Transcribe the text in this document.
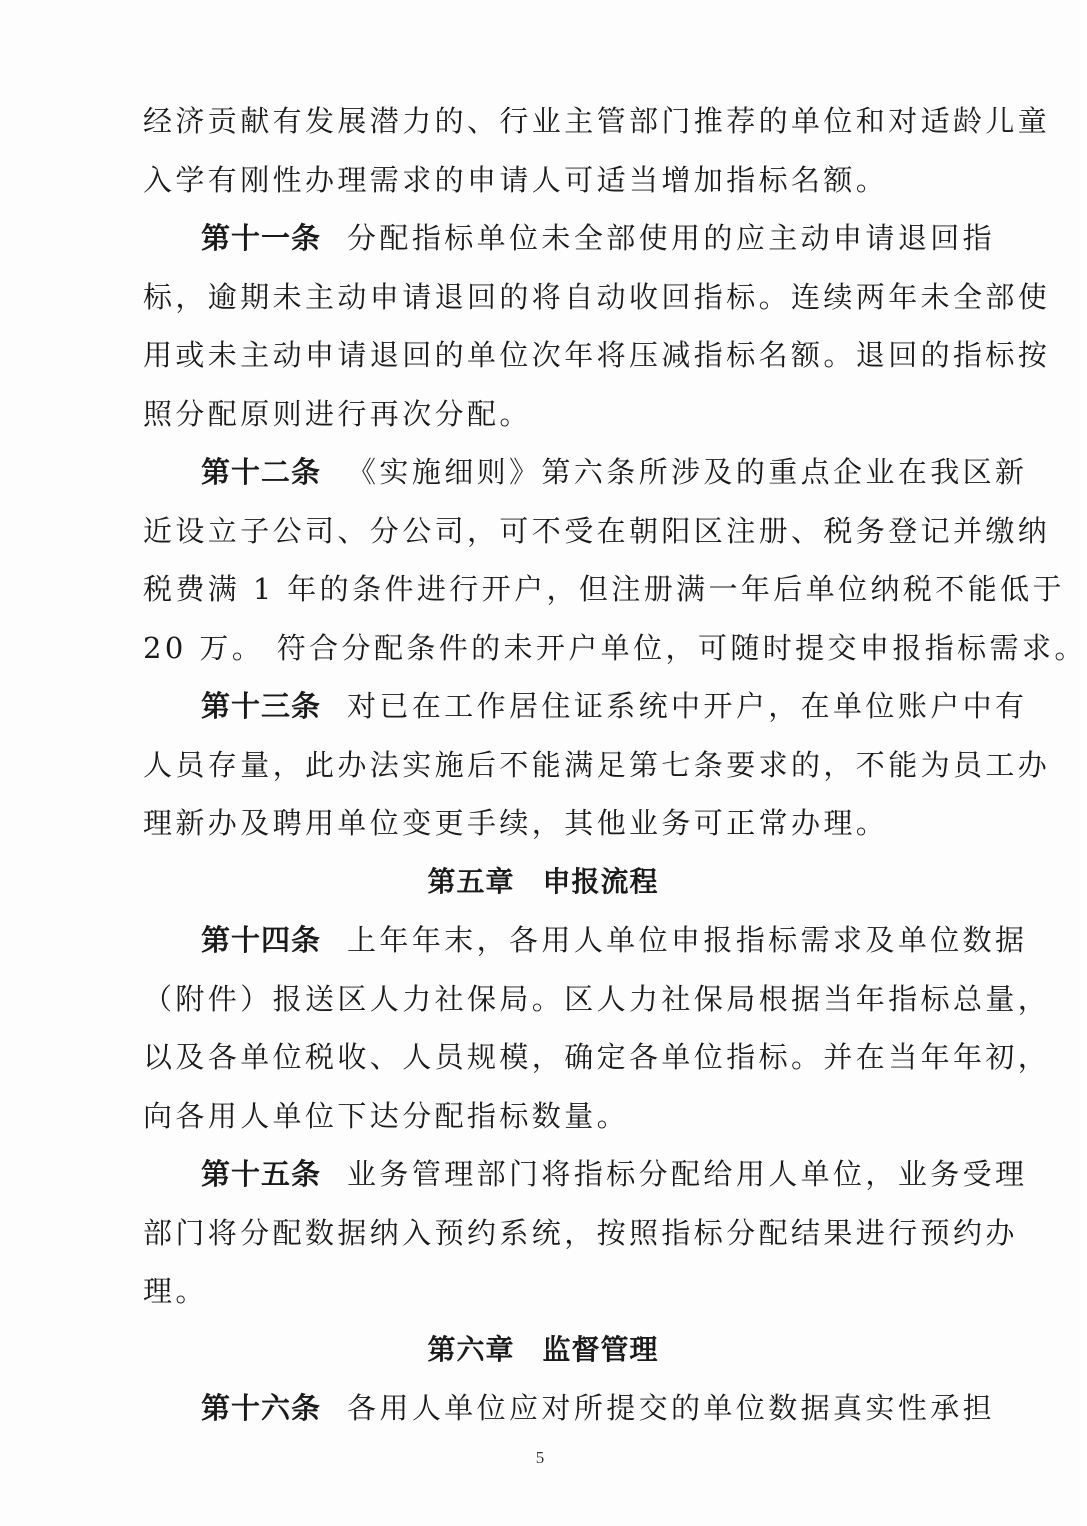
经济贡献有发展潜力的、行业主管部门推荐的单位和对适龄儿童
入学有刚性办理需求的申请人可适当增加指标名额。
第十一条 分配指标单位未全部使用的应主动申请退回指
标，逾期未主动申请退回的将自动收回指标。连续两年未全部使
用或未主动申请退回的单位次年将压减指标名额。退回的指标按
照分配原则进行再次分配。
第十二条 《实施细则》第六条所涉及的重点企业在我区新
近设立子公司、分公司，可不受在朝阳区注册、税务登记并缴纳
税费满 1 年的条件进行开户，但注册满一年后单位纳税不能低于
20 万。 符合分配条件的未开户单位，可随时提交申报指标需求。
第十三条 对已在工作居住证系统中开户，在单位账户中有
人员存量，此办法实施后不能满足第七条要求的，不能为员工办
理新办及聘用单位变更手续，其他业务可正常办理。
第五章 申报流程
第十四条 上年年末，各用人单位申报指标需求及单位数据
（附件）报送区人力社保局。区人力社保局根据当年指标总量，
以及各单位税收、人员规模，确定各单位指标。并在当年年初，
向各用人单位下达分配指标数量。
第十五条 业务管理部门将指标分配给用人单位，业务受理
部门将分配数据纳入预约系统，按照指标分配结果进行预约办
理。
第六章 监督管理
第十六条 各用人单位应对所提交的单位数据真实性承担
5
